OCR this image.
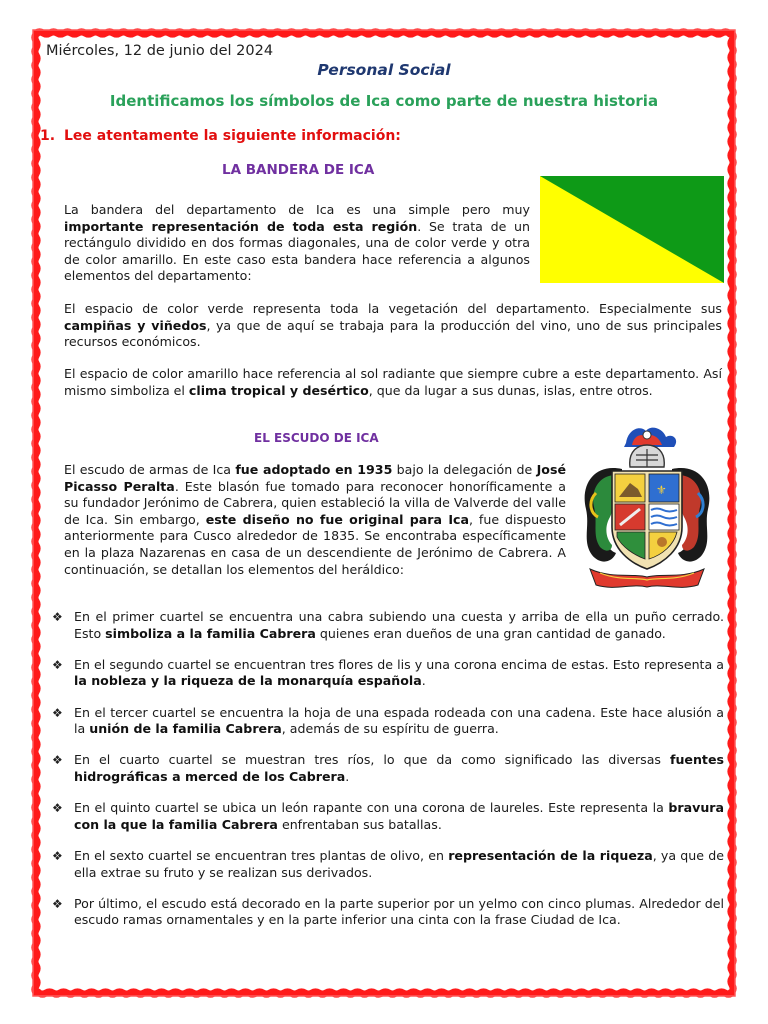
Miércoles, 12 de junio del 2024
Personal Social
Identificamos los símbolos de Ica como parte de nuestra historia
1. Lee atentamente la siguiente información:
LA BANDERA DE ICA
La bandera del departamento de Ica es una simple pero muy importante representación de toda esta región. Se trata de un rectángulo dividido en dos formas diagonales, una de color verde y otra de color amarillo. En este caso esta bandera hace referencia a algunos elementos del departamento:
El espacio de color verde representa toda la vegetación del departamento. Especialmente sus campiñas y viñedos, ya que de aquí se trabaja para la producción del vino, uno de sus principales recursos económicos.
El espacio de color amarillo hace referencia al sol radiante que siempre cubre a este departamento. Así mismo simboliza el clima tropical y desértico, que da lugar a sus dunas, islas, entre otros.
EL ESCUDO DE ICA
El escudo de armas de Ica fue adoptado en 1935 bajo la delegación de José Picasso Peralta. Este blasón fue tomado para reconocer honoríficamente a su fundador Jerónimo de Cabrera, quien estableció la villa de Valverde del valle de Ica. Sin embargo, este diseño no fue original para Ica, fue dispuesto anteriormente para Cusco alrededor de 1835. Se encontraba específicamente en la plaza Nazarenas en casa de un descendiente de Jerónimo de Cabrera. A continuación, se detallan los elementos del heráldico:
⚜
❖ En el primer cuartel se encuentra una cabra subiendo una cuesta y arriba de ella un puño cerrado. Esto simboliza a la familia Cabrera quienes eran dueños de una gran cantidad de ganado.
❖ En el segundo cuartel se encuentran tres flores de lis y una corona encima de estas. Esto representa a la nobleza y la riqueza de la monarquía española.
❖ En el tercer cuartel se encuentra la hoja de una espada rodeada con una cadena. Este hace alusión a la unión de la familia Cabrera, además de su espíritu de guerra.
❖ En el cuarto cuartel se muestran tres ríos, lo que da como significado las diversas fuentes hidrográficas a merced de los Cabrera.
❖ En el quinto cuartel se ubica un león rapante con una corona de laureles. Este representa la bravura con la que la familia Cabrera enfrentaban sus batallas.
❖ En el sexto cuartel se encuentran tres plantas de olivo, en representación de la riqueza, ya que de ella extrae su fruto y se realizan sus derivados.
❖ Por último, el escudo está decorado en la parte superior por un yelmo con cinco plumas. Alrededor del escudo ramas ornamentales y en la parte inferior una cinta con la frase Ciudad de Ica.
